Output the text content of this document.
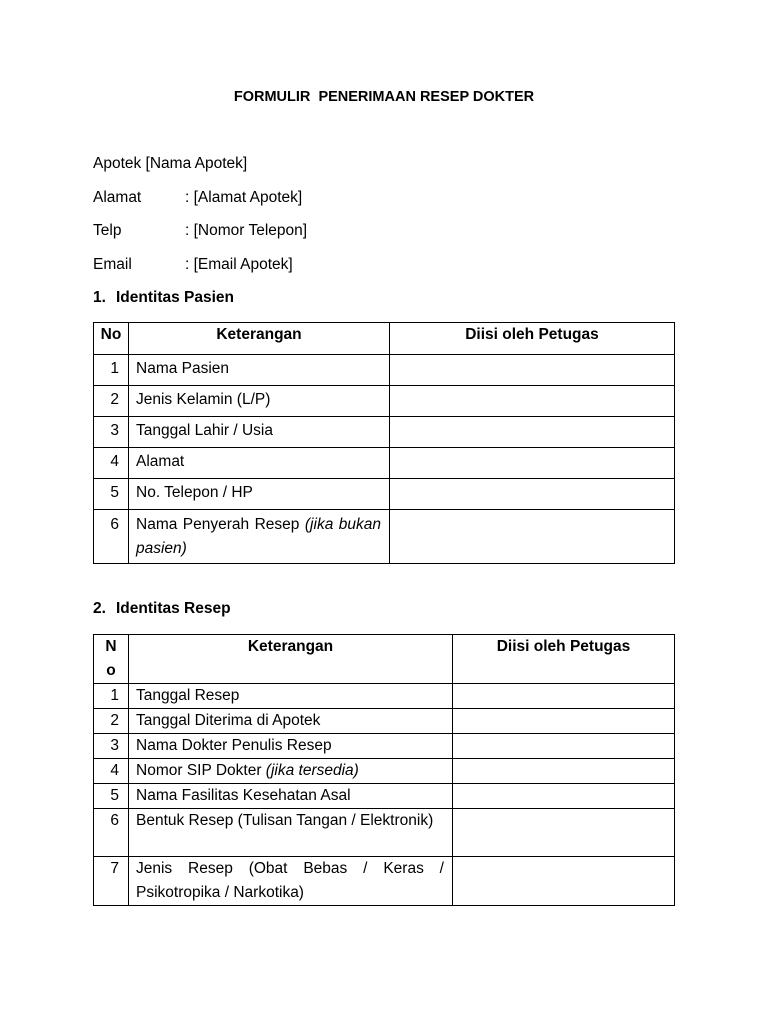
FORMULIR  PENERIMAAN RESEP DOKTER
Apotek [Nama Apotek]
Alamat	: [Alamat Apotek]
Telp	: [Nomor Telepon]
Email	: [Email Apotek]
1. Identitas Pasien
No	Keterangan	Diisi oleh Petugas
1	Nama Pasien	
2	Jenis Kelamin (L/P)	
3	Tanggal Lahir / Usia	
4	Alamat	
5	No. Telepon / HP	
6	Nama Penyerah Resep (jika bukan pasien)	
2. Identitas Resep
No	Keterangan	Diisi oleh Petugas
1	Tanggal Resep	
2	Tanggal Diterima di Apotek	
3	Nama Dokter Penulis Resep	
4	Nomor SIP Dokter (jika tersedia)	
5	Nama Fasilitas Kesehatan Asal	
6	Bentuk Resep (Tulisan Tangan / Elektronik)	
7	Jenis Resep (Obat Bebas / Keras / Psikotropika / Narkotika)	
